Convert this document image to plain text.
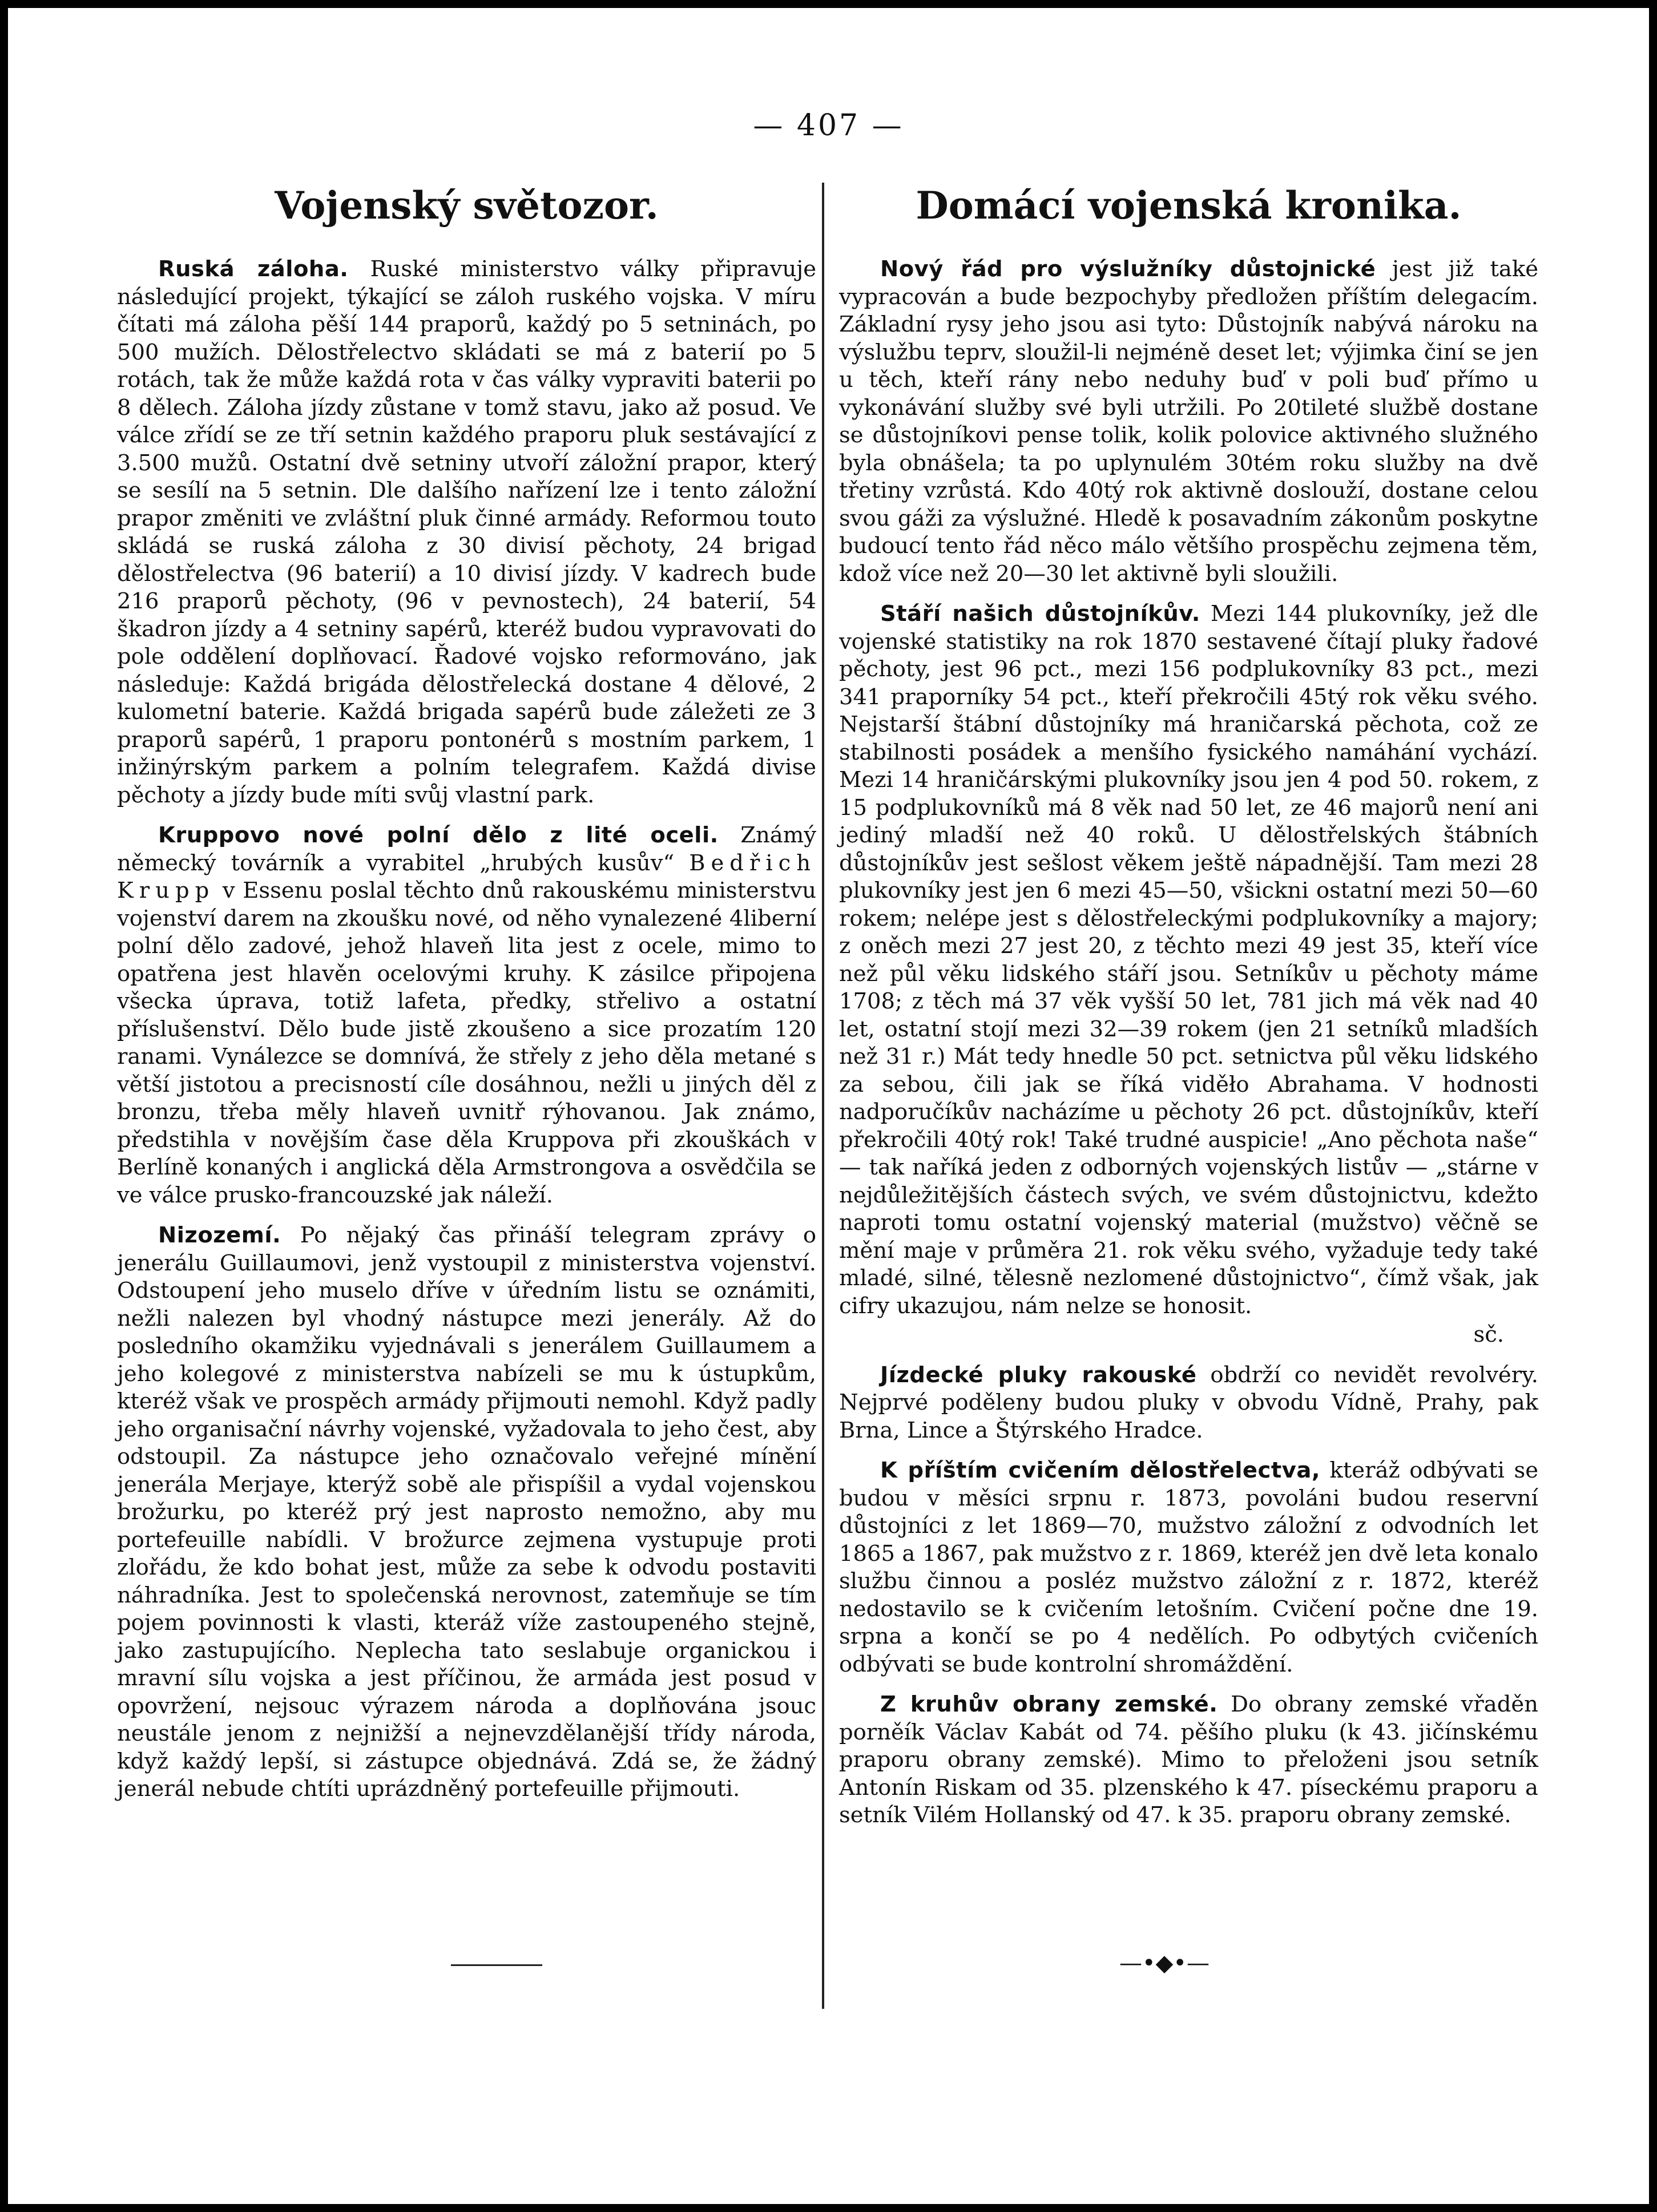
— 407 —
Vojenský světozor.

Ruská záloha. Ruské ministerstvo války připravuje následující projekt, týkající se záloh ruského vojska. V míru čítati má záloha pěší 144 praporů, každý po 5 setninách, po 500 mužích. Dělostřelectvo skládati se má z baterií po 5 rotách, tak že může každá rota v čas války vypraviti baterii po 8 dělech. Záloha jízdy zůstane v tomž stavu, jako až posud. Ve válce zřídí se ze tří setnin každého praporu pluk sestávající z 3.500 mužů. Ostatní dvě setniny utvoří záložní prapor, který se sesílí na 5 setnin. Dle dalšího nařízení lze i tento záložní prapor změniti ve zvláštní pluk činné armády. Reformou touto skládá se ruská záloha z 30 divisí pěchoty, 24 brigad dělostřelectva (96 baterií) a 10 divisí jízdy. V kadrech bude 216 praporů pěchoty, (96 v pevnostech), 24 baterií, 54 škadron jízdy a 4 setniny sapérů, kteréž budou vypravovati do pole oddělení doplňovací. Řadové vojsko reformováno, jak následuje: Každá brigáda dělostřelecká dostane 4 dělové, 2 kulometní baterie. Každá brigada sapérů bude záležeti ze 3 praporů sapérů, 1 praporu pontonérů s mostním parkem, 1 inžinýrským parkem a polním telegrafem. Každá divise pěchoty a jízdy bude míti svůj vlastní park.

Kruppovo nové polní dělo z lité oceli. Známý německý továrník a vyrabitel „hrubých kusův“ Bedřich Krupp v Essenu poslal těchto dnů rakouskému ministerstvu vojenství darem na zkoušku nové, od něho vynalezené 4liberní polní dělo zadové, jehož hlaveň lita jest z ocele, mimo to opatřena jest hlavěn ocelovými kruhy. K zásilce připojena všecka úprava, totiž lafeta, předky, střelivo a ostatní příslušenství. Dělo bude jistě zkoušeno a sice prozatím 120 ranami. Vynálezce se domnívá, že střely z jeho děla metané s větší jistotou a precisností cíle dosáhnou, nežli u jiných děl z bronzu, třeba měly hlaveň uvnitř rýhovanou. Jak známo, předstihla v novějším čase děla Kruppova při zkouškách v Berlíně konaných i anglická děla Armstrongova a osvědčila se ve válce prusko-francouzské jak náleží.

Nizozemí. Po nějaký čas přináší telegram zprávy o jenerálu Guillaumovi, jenž vystoupil z ministerstva vojenství. Odstoupení jeho muselo dříve v úředním listu se oznámiti, nežli nalezen byl vhodný nástupce mezi jenerály. Až do posledního okamžiku vyjednávali s jenerálem Guillaumem a jeho kolegové z ministerstva nabízeli se mu k ústupkům, kteréž však ve prospěch armády přijmouti nemohl. Když padly jeho organisační návrhy vojenské, vyžadovala to jeho čest, aby odstoupil. Za nástupce jeho označovalo veřejné mínění jenerála Merjaye, kterýž sobě ale přispíšil a vydal vojenskou brožurku, po kteréž prý jest naprosto nemožno, aby mu portefeuille nabídli. V brožurce zejmena vystupuje proti zlořádu, že kdo bohat jest, může za sebe k odvodu postaviti náhradníka. Jest to společenská nerovnost, zatemňuje se tím pojem povinnosti k vlasti, kteráž víže zastoupeného stejně, jako zastupujícího. Neplecha tato seslabuje organickou i mravní sílu vojska a jest příčinou, že armáda jest posud v opovržení, nejsouc výrazem národa a doplňována jsouc neustále jenom z nejnižší a nejnevzdělanější třídy národa, když každý lepší, si zástupce objednává. Zdá se, že žádný jenerál nebude chtíti uprázdněný portefeuille přijmouti.

Domácí vojenská kronika.

Nový řád pro výslužníky důstojnické jest již také vypracován a bude bezpochyby předložen příštím delegacím. Základní rysy jeho jsou asi tyto: Důstojník nabývá nároku na výslužbu teprv, sloužil-li nejméně deset let; výjimka činí se jen u těch, kteří rány nebo neduhy buď v poli buď přímo u vykonávání služby své byli utržili. Po 20tileté službě dostane se důstojníkovi pense tolik, kolik polovice aktivného služného byla obnášela; ta po uplynulém 30tém roku služby na dvě třetiny vzrůstá. Kdo 40tý rok aktivně doslouží, dostane celou svou gáži za výslužné. Hledě k posavadním zákonům poskytne budoucí tento řád něco málo většího prospěchu zejmena těm, kdož více než 20—30 let aktivně byli sloužili.

Stáří našich důstojníkův. Mezi 144 plukovníky, jež dle vojenské statistiky na rok 1870 sestavené čítají pluky řadové pěchoty, jest 96 pct., mezi 156 podplukovníky 83 pct., mezi 341 praporníky 54 pct., kteří překročili 45tý rok věku svého. Nejstarší štábní důstojníky má hraničarská pěchota, což ze stabilnosti posádek a menšího fysického namáhání vychází. Mezi 14 hraničárskými plukovníky jsou jen 4 pod 50. rokem, z 15 podplukovníků má 8 věk nad 50 let, ze 46 majorů není ani jediný mladší než 40 roků. U dělostřelských štábních důstojníkův jest sešlost věkem ještě nápadnější. Tam mezi 28 plukovníky jest jen 6 mezi 45—50, všickni ostatní mezi 50—60 rokem; nelépe jest s dělostřeleckými podplukovníky a majory; z oněch mezi 27 jest 20, z těchto mezi 49 jest 35, kteří více než půl věku lidského stáří jsou. Setníkův u pěchoty máme 1708; z těch má 37 věk vyšší 50 let, 781 jich má věk nad 40 let, ostatní stojí mezi 32—39 rokem (jen 21 setníků mladších než 31 r.) Mát tedy hnedle 50 pct. setnictva půl věku lidského za sebou, čili jak se říká viděło Abrahama. V hodnosti nadporučíkův nacházíme u pěchoty 26 pct. důstojníkův, kteří překročili 40tý rok! Také trudné auspicie! „Ano pěchota naše“ — tak naříká jeden z odborných vojenských listův — „stárne v nejdůležitějších částech svých, ve svém důstojnictvu, kdežto naproti tomu ostatní vojenský material (mužstvo) věčně se mění maje v průměra 21. rok věku svého, vyžaduje tedy také mladé, silné, tělesně nezlomené důstojnictvo“, čímž však, jak cifry ukazujou, nám nelze se honosit.

sč.

Jízdecké pluky rakouské obdrží co nevidět revolvéry. Nejprvé poděleny budou pluky v obvodu Vídně, Prahy, pak Brna, Lince a Štýrského Hradce.

K příštím cvičením dělostřelectva, kteráž odbývati se budou v měsíci srpnu r. 1873, povoláni budou reservní důstojníci z let 1869—70, mužstvo záložní z odvodních let 1865 a 1867, pak mužstvo z r. 1869, kteréž jen dvě leta konalo službu činnou a posléz mužstvo záložní z r. 1872, kteréž nedostavilo se k cvičením letošním. Cvičení počne dne 19. srpna a končí se po 4 nedělích. Po odbytých cvičeních odbývati se bude kontrolní shromáždění.

Z kruhův obrany zemské. Do obrany zemské vřaděn porněík Václav Kabát od 74. pěšího pluku (k 43. jičínskému praporu obrany zemské). Mimo to přeloženi jsou setník Antonín Riskam od 35. plzenského k 47. píseckému praporu a setník Vilém Hollanský od 47. k 35. praporu obrany zemské.

—•◆•—
